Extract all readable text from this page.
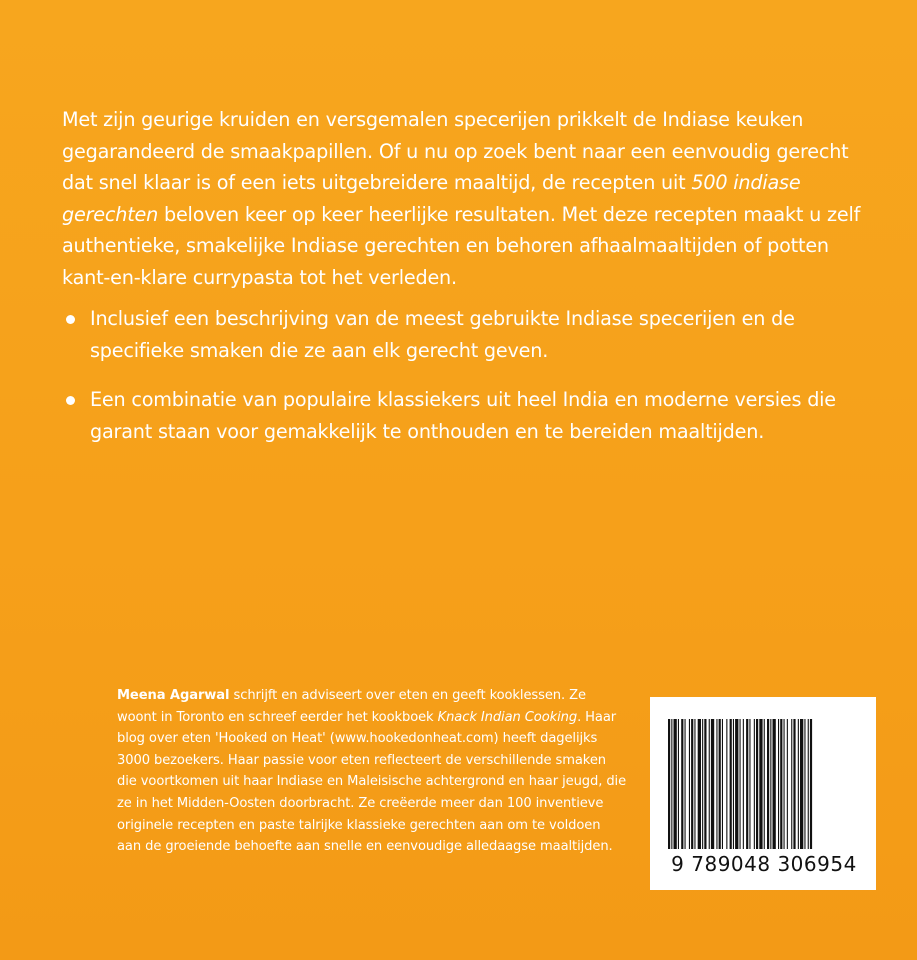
Met zijn geurige kruiden en versgemalen specerijen prikkelt de Indiase keuken gegarandeerd de smaakpapillen. Of u nu op zoek bent naar een eenvoudig gerecht dat snel klaar is of een iets uitgebreidere maaltijd, de recepten uit 500 indiase gerechten beloven keer op keer heerlijke resultaten. Met deze recepten maakt u zelf authentieke, smakelijke Indiase gerechten en behoren afhaalmaaltijden of potten kant-en-klare currypasta tot het verleden.

Inclusief een beschrijving van de meest gebruikte Indiase specerijen en de specifieke smaken die ze aan elk gerecht geven.
Een combinatie van populaire klassiekers uit heel India en moderne versies die garant staan voor gemakkelijk te onthouden en te bereiden maaltijden.
Meena Agarwal schrijft en adviseert over eten en geeft kooklessen. Ze woont in Toronto en schreef eerder het kookboek Knack Indian Cooking. Haar blog over eten 'Hooked on Heat' (www.hookedonheat.com) heeft dagelijks 3000 bezoekers. Haar passie voor eten reflecteert de verschillende smaken die voortkomen uit haar Indiase en Maleisische achtergrond en haar jeugd, die ze in het Midden-Oosten doorbracht. Ze creëerde meer dan 100 inventieve originele recepten en paste talrijke klassieke gerechten aan om te voldoen aan de groeiende behoefte aan snelle en eenvoudige alledaagse maaltijden.
9 789048 306954
